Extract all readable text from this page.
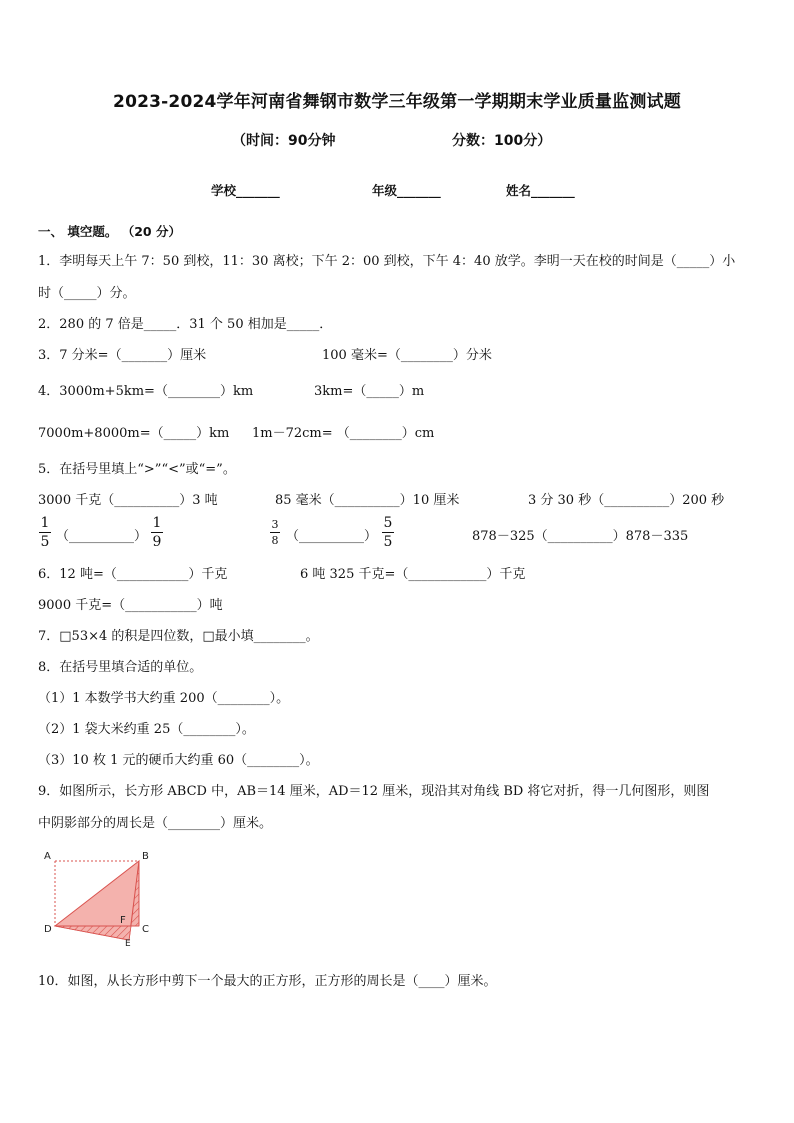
2023-2024学年河南省舞钢市数学三年级第一学期期末学业质量监测试题
（时间：90分钟	分数：100分）
学校_______	年级_______	姓名_______
一、 填空题。 （20 分）
1．李明每天上午 7：50 到校，11：30 离校；下午 2：00 到校，下午 4：40 放学。李明一天在校的时间是（_____）小
时（_____）分。
2．280 的 7 倍是_____．31 个 50 相加是_____．
3．7 分米=（_______）厘米	100 毫米=（________）分米
4．3000m+5km=（________）km	3km=（_____）m
7000m+8000m=（_____）km 1m－72cm= （________）cm
5．在括号里填上“>”“<”或“=”。
3000 千克（__________）3 吨	85 毫米（__________）10 厘米	3 分 30 秒（__________）200 秒
1
5 （__________）
1
9
3
8 （__________）
5
5	878－325（__________）878－335
6．12 吨=（___________）千克	6 吨 325 千克=（____________）千克
9000 千克=（___________）吨
7．□53×4 的积是四位数，□最小填________。
8．在括号里填合适的单位。
（1）1 本数学书大约重 200（________）。
（2）1 袋大米约重 25（________）。
（3）10 枚 1 元的硬币大约重 60（________）。
9．如图所示，长方形 ABCD 中，AB＝14 厘米，AD＝12 厘米，现沿其对角线 BD 将它对折，得一几何图形，则图
中阴影部分的周长是（________）厘米。
A	B
C
D
E
F
10．如图，从长方形中剪下一个最大的正方形，正方形的周长是（____）厘米。
